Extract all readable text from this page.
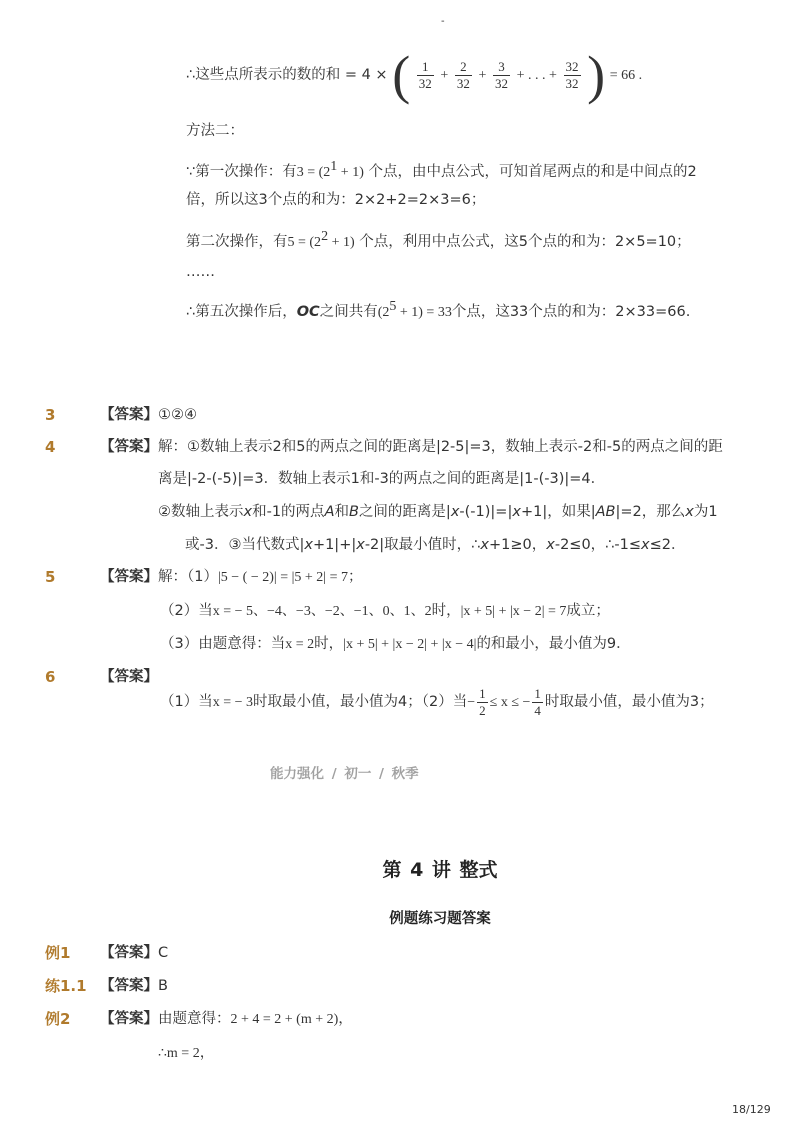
-
∴这些点所表示的数的和 = 4 × ( $\frac{1}{32} + \frac{2}{32} + \frac{3}{32}$ + . . . + $\frac{32}{32}$ ) = 66 .
方法二：
∵第一次操作：有$3 = (2^1 + 1)$ 个点，由中点公式，可知首尾两点的和是中间点的2
倍，所以这3个点的和为：2×2+2=2×3=6；
第二次操作，有$5 = (2^2 + 1)$ 个点，利用中点公式，这5个点的和为：2×5=10；
……
∴第五次操作后，OC之间共有$(2^5 + 1) = 33$个点，这33个点的和为：2×33=66.
3	【答案】 ①②④
4	【答案】 解：①数轴上表示2和5的两点之间的距离是|2-5|=3，数轴上表示-2和-5的两点之间的距
离是|-2-(-5)|=3．数轴上表示1和-3的两点之间的距离是|1-(-3)|=4．
②数轴上表示x和-1的两点A和B之间的距离是|x-(-1)|=|x+1|，如果|AB|=2，那么x为1
或-3．③当代数式|x+1|+|x-2|取最小值时，∴x+1≥0，x-2≤0，∴-1≤x≤2．
5	【答案】 解：（1）|5 − ( − 2)| = |5 + 2| = 7；
（2）当x = − 5、−4、−3、−2、−1、0、1、2时，|x + 5| + |x − 2| = 7成立；
（3）由题意得：当x = 2时，|x + 5| + |x − 2| + |x − 4|的和最小，最小值为9．
6	【答案】
（1）当x = − 3时取最小值，最小值为4；（2）当− $\frac{1}{2} \le x$ ≤ − $\frac{1}{4}$ 时取最小值，最小值为3；
能力强化 / 初一 / 秋季
第 4 讲 整式
例题练习题答案
例1 【答案】 C
练1.1 【答案】 B
例2 【答案】 由题意得：2 + 4 = 2 + (m + 2)，
∴m = 2，
18/129
